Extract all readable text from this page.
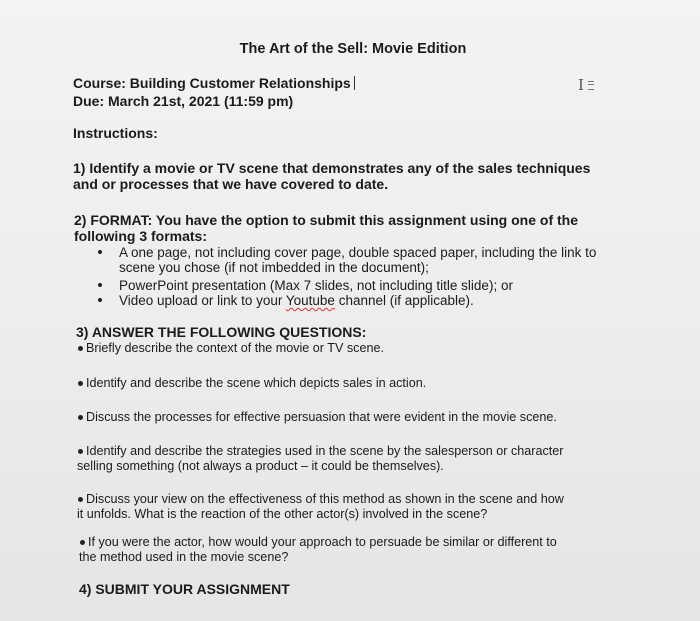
The Art of the Sell: Movie Edition
Course: Building Customer Relationships
Due: March 21st, 2021 (11:59 pm)
I
Instructions:
1) Identify a movie or TV scene that demonstrates any of the sales techniques
and or processes that we have covered to date.
2) FORMAT: You have the option to submit this assignment using one of the
following 3 formats:
A one page, not including cover page, double spaced paper, including the link to
scene you chose (if not imbedded in the document);
PowerPoint presentation (Max 7 slides, not including title slide); or
Video upload or link to your Youtube channel (if applicable).
3) ANSWER THE FOLLOWING QUESTIONS:
Briefly describe the context of the movie or TV scene.
Identify and describe the scene which depicts sales in action.
Discuss the processes for effective persuasion that were evident in the movie scene.
Identify and describe the strategies used in the scene by the salesperson or character
selling something (not always a product – it could be themselves).
Discuss your view on the effectiveness of this method as shown in the scene and how
it unfolds. What is the reaction of the other actor(s) involved in the scene?
If you were the actor, how would your approach to persuade be similar or different to
the method used in the movie scene?
4) SUBMIT YOUR ASSIGNMENT
